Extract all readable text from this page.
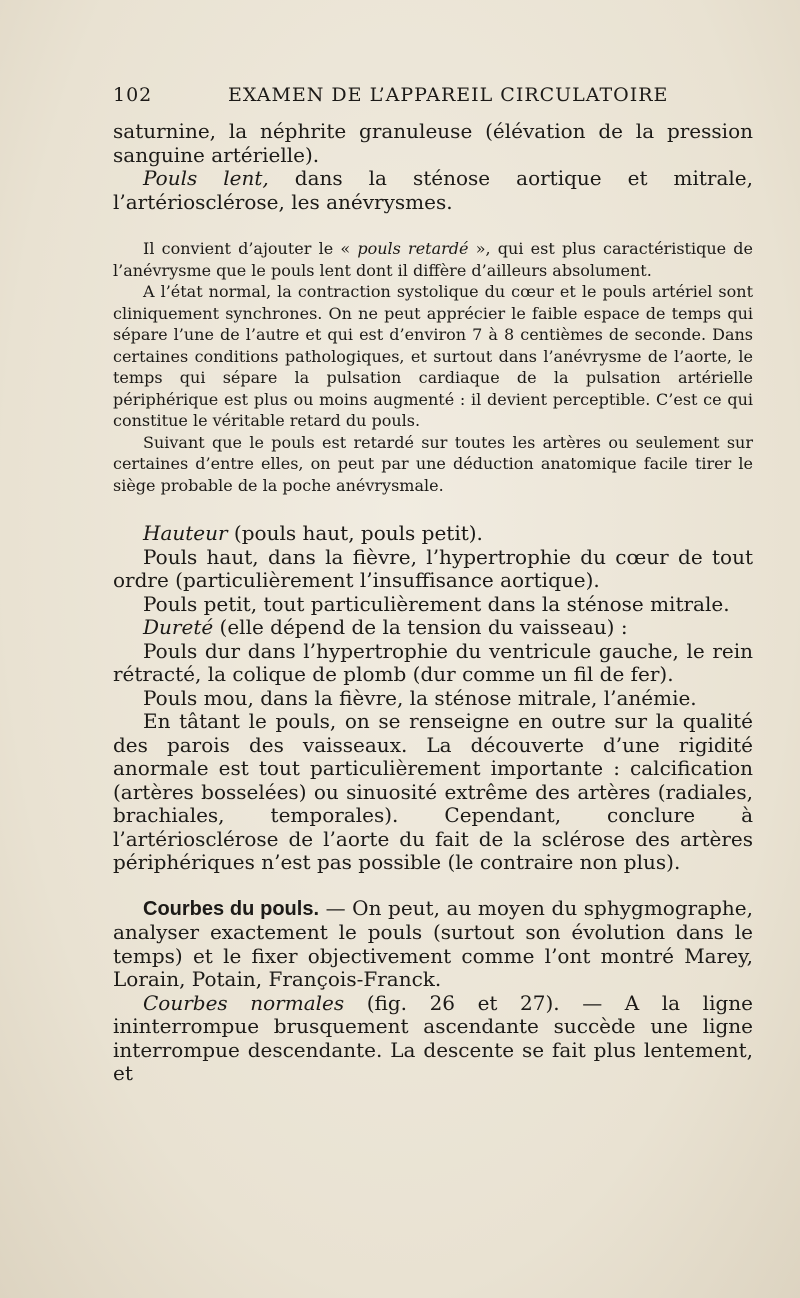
102	EXAMEN DE L’APPAREIL CIRCULATOIRE

saturnine, la néphrite granuleuse (élévation de la pression sanguine artérielle).

Pouls lent, dans la sténose aortique et mitrale, l’artériosclérose, les anévrysmes.

Il convient d’ajouter le « pouls retardé », qui est plus caractéristique de l’anévrysme que le pouls lent dont il diffère d’ailleurs absolument.

A l’état normal, la contraction systolique du cœur et le pouls artériel sont cliniquement synchrones. On ne peut apprécier le faible espace de temps qui sépare l’une de l’autre et qui est d’environ 7 à 8 centièmes de seconde. Dans certaines conditions pathologiques, et surtout dans l’anévrysme de l’aorte, le temps qui sépare la pulsation cardiaque de la pulsation artérielle périphérique est plus ou moins augmenté : il devient perceptible. C’est ce qui constitue le véritable retard du pouls.

Suivant que le pouls est retardé sur toutes les artères ou seulement sur certaines d’entre elles, on peut par une déduction anatomique facile tirer le siège probable de la poche anévrysmale.

Hauteur (pouls haut, pouls petit).

Pouls haut, dans la fièvre, l’hypertrophie du cœur de tout ordre (particulièrement l’insuffisance aortique).

Pouls petit, tout particulièrement dans la sténose mitrale.

Dureté (elle dépend de la tension du vaisseau) :

Pouls dur dans l’hypertrophie du ventricule gauche, le rein rétracté, la colique de plomb (dur comme un fil de fer).

Pouls mou, dans la fièvre, la sténose mitrale, l’anémie.

En tâtant le pouls, on se renseigne en outre sur la qualité des parois des vaisseaux. La découverte d’une rigidité anormale est tout particulièrement importante : calcification (artères bosselées) ou sinuosité extrême des artères (radiales, brachiales, temporales). Cependant, conclure à l’artériosclérose de l’aorte du fait de la sclérose des artères périphériques n’est pas possible (le contraire non plus).

Courbes du pouls. — On peut, au moyen du sphygmographe, analyser exactement le pouls (surtout son évolution dans le temps) et le fixer objectivement comme l’ont montré Marey, Lorain, Potain, François-Franck.

Courbes normales (fig. 26 et 27). — A la ligne ininterrompue brusquement ascendante succède une ligne interrompue descendante. La descente se fait plus lentement, et
